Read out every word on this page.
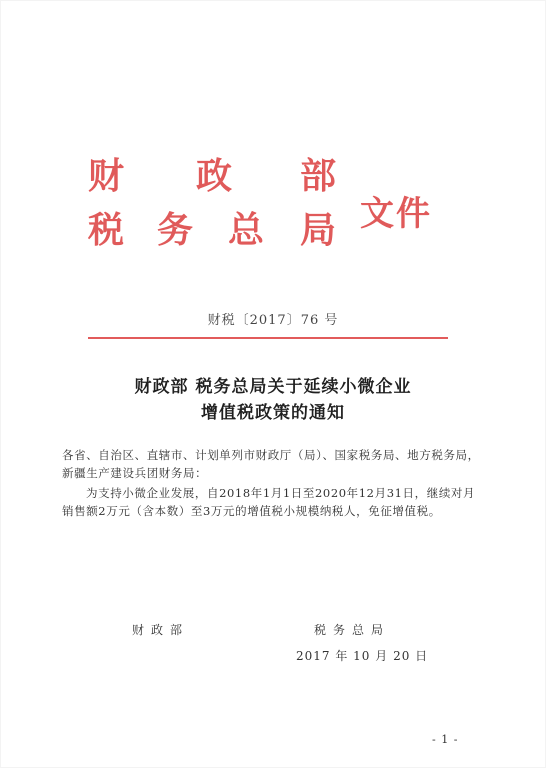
财 政 部
税 务 总 局 文件
财税〔2017〕76 号
财政部 税务总局关于延续小微企业
增值税政策的通知
各省、自治区、直辖市、计划单列市财政厅（局）、国家税务局、地方税务局，新疆生产建设兵团财务局：
为支持小微企业发展，自2018年1月1日至2020年12月31日，继续对月销售额2万元（含本数）至3万元的增值税小规模纳税人，免征增值税。
财政部	税务总局
2017 年 10 月 20 日
- 1 -
